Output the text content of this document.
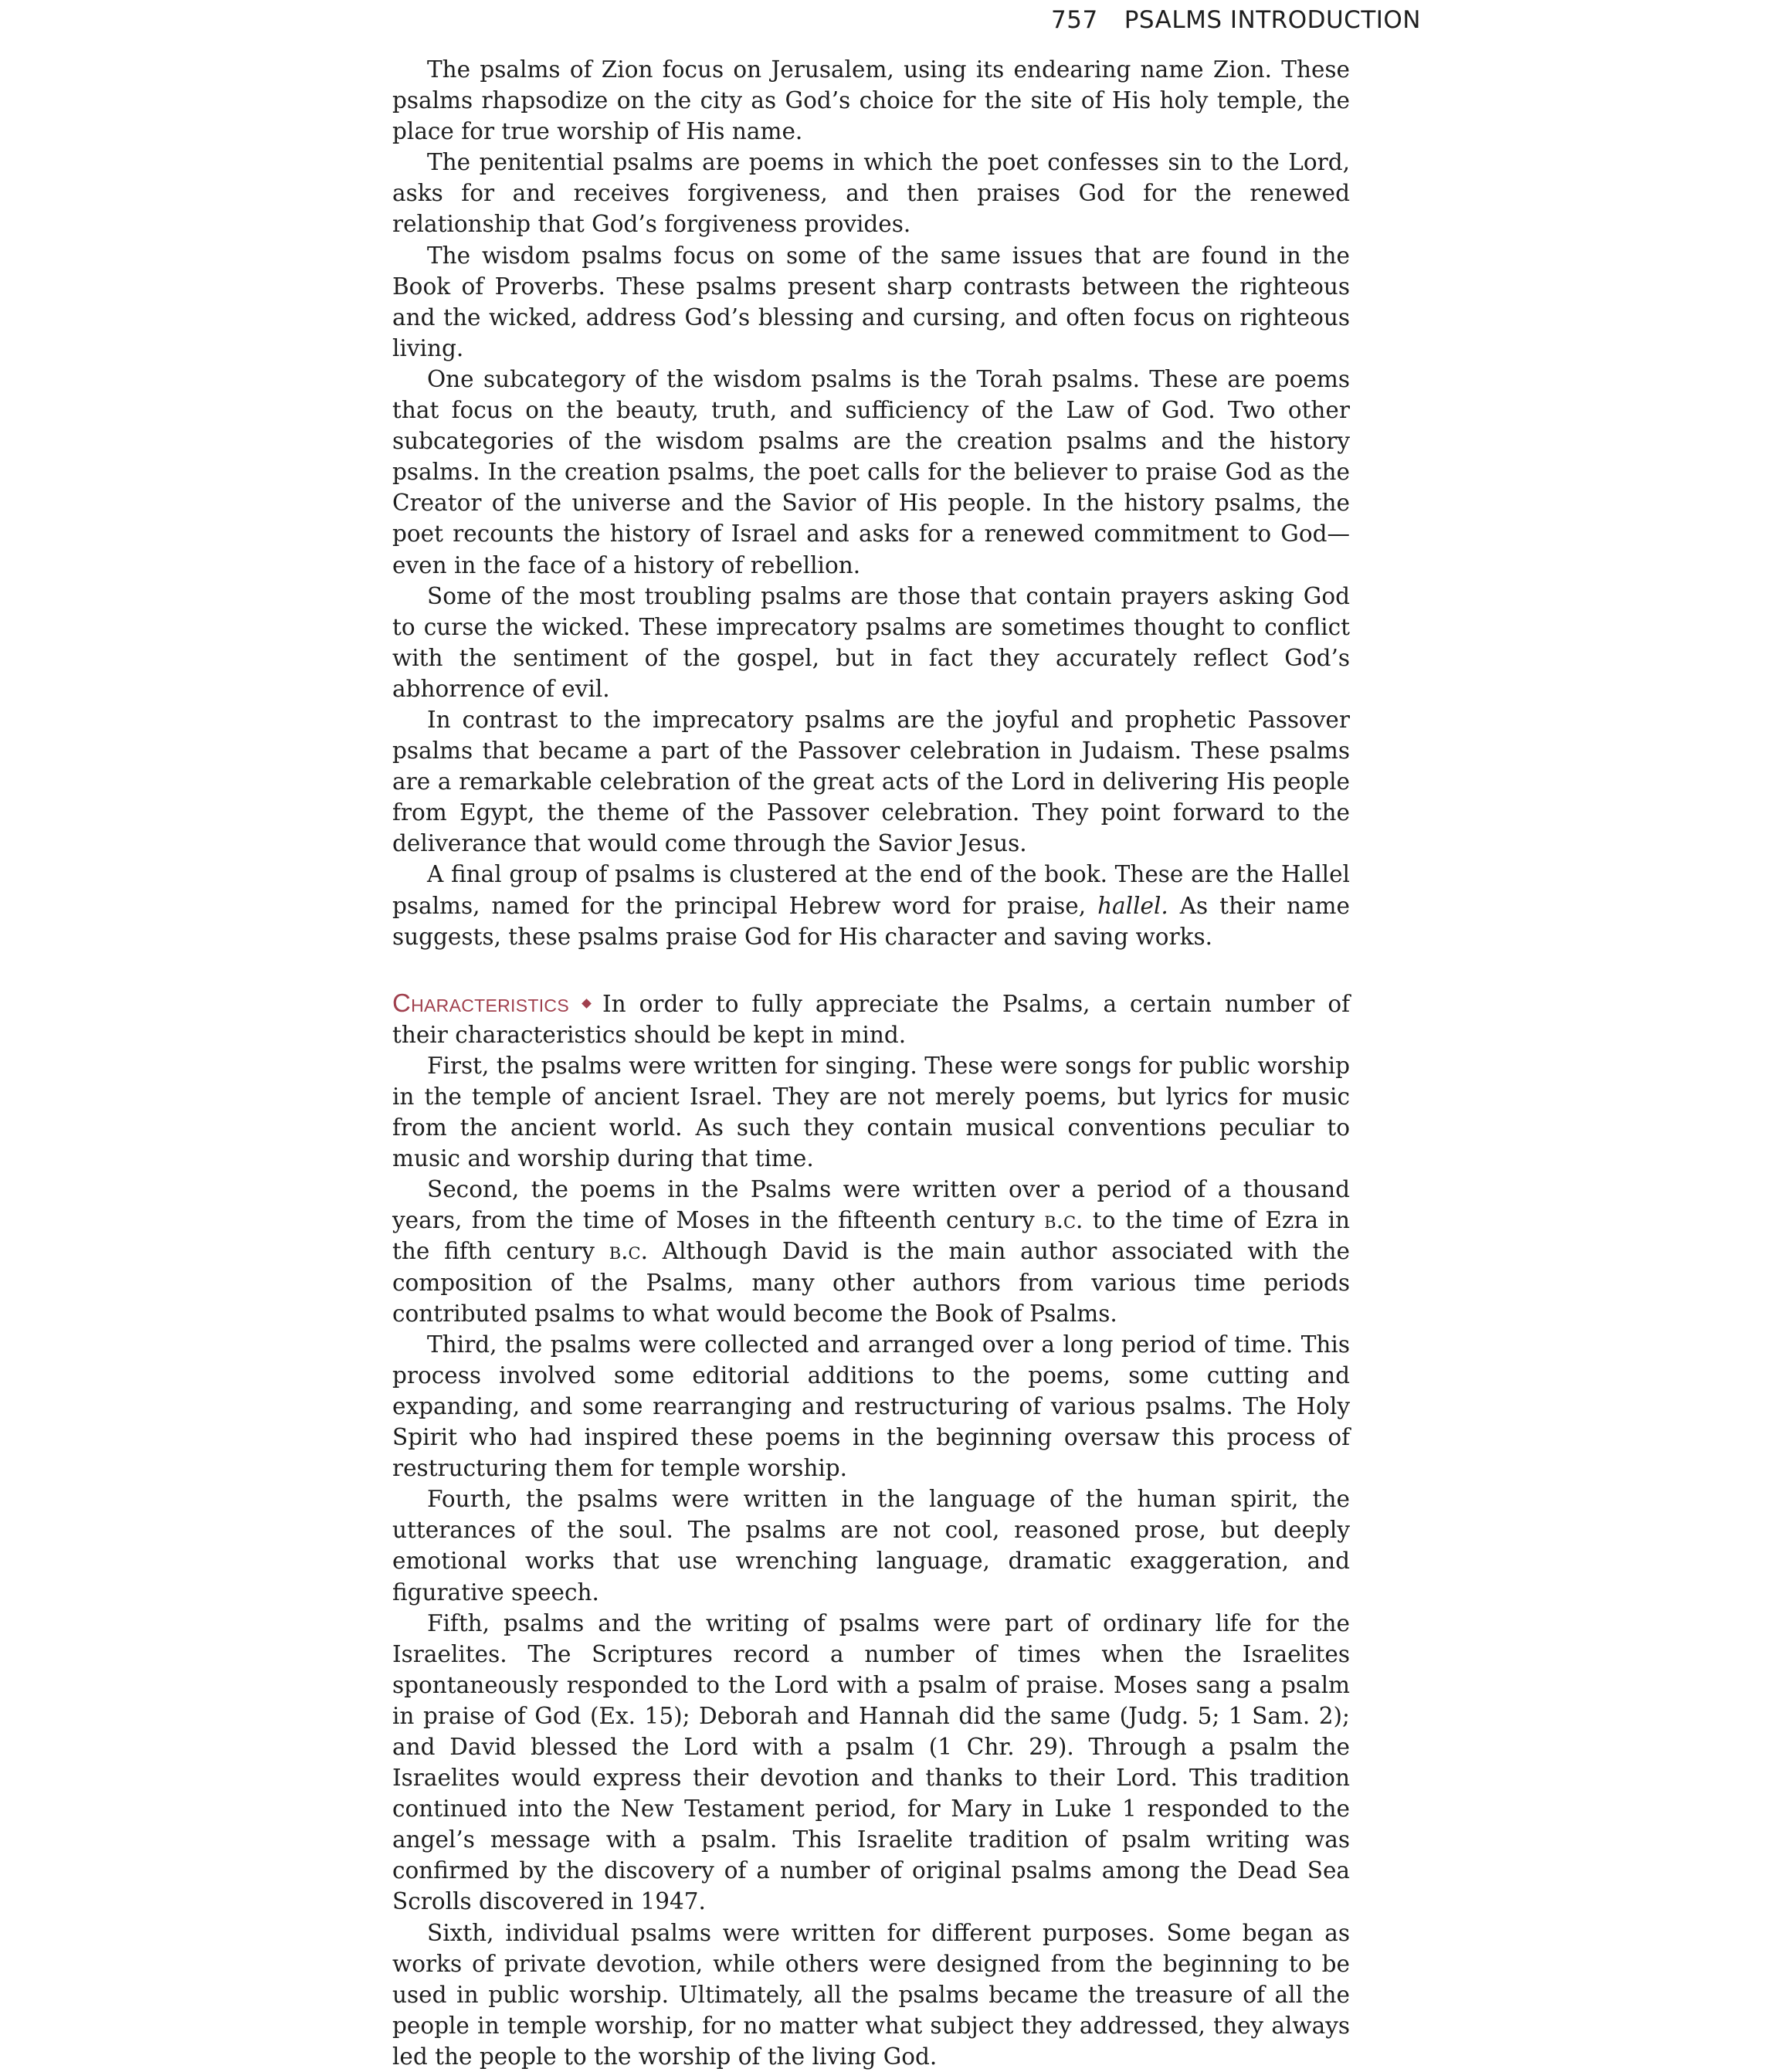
757 PSALMS INTRODUCTION

The psalms of Zion focus on Jerusalem, using its endearing name Zion. These psalms rhapsodize on the city as God’s choice for the site of His holy temple, the place for true worship of His name.

The penitential psalms are poems in which the poet confesses sin to the Lord, asks for and receives forgiveness, and then praises God for the renewed relationship that God’s forgiveness provides.

The wisdom psalms focus on some of the same issues that are found in the Book of Proverbs. These psalms present sharp contrasts between the righteous and the wicked, address God’s blessing and cursing, and often focus on righteous living.

One subcategory of the wisdom psalms is the Torah psalms. These are poems that focus on the beauty, truth, and sufficiency of the Law of God. Two other subcategories of the wisdom psalms are the creation psalms and the history psalms. In the creation psalms, the poet calls for the believer to praise God as the Creator of the universe and the Savior of His people. In the history psalms, the poet recounts the history of Israel and asks for a renewed commitment to God—even in the face of a history of rebellion.

Some of the most troubling psalms are those that contain prayers asking God to curse the wicked. These imprecatory psalms are sometimes thought to conflict with the sentiment of the gospel, but in fact they accurately reflect God’s abhorrence of evil.

In contrast to the imprecatory psalms are the joyful and prophetic Passover psalms that became a part of the Passover celebration in Judaism. These psalms are a remarkable celebration of the great acts of the Lord in delivering His people from Egypt, the theme of the Passover celebration. They point forward to the deliverance that would come through the Savior Jesus.

A final group of psalms is clustered at the end of the book. These are the Hallel psalms, named for the principal Hebrew word for praise, hallel. As their name suggests, these psalms praise God for His character and saving works.

Characteristics In order to fully appreciate the Psalms, a certain number of their characteristics should be kept in mind.

First, the psalms were written for singing. These were songs for public worship in the temple of ancient Israel. They are not merely poems, but lyrics for music from the ancient world. As such they contain musical conventions peculiar to music and worship during that time.

Second, the poems in the Psalms were written over a period of a thousand years, from the time of Moses in the fifteenth century b.c. to the time of Ezra in the fifth century b.c. Although David is the main author associated with the composition of the Psalms, many other authors from various time periods contributed psalms to what would become the Book of Psalms.

Third, the psalms were collected and arranged over a long period of time. This process involved some editorial additions to the poems, some cutting and expanding, and some rearranging and restructuring of various psalms. The Holy Spirit who had inspired these poems in the beginning oversaw this process of restructuring them for temple worship.

Fourth, the psalms were written in the language of the human spirit, the utterances of the soul. The psalms are not cool, reasoned prose, but deeply emotional works that use wrenching language, dramatic exaggeration, and figurative speech.

Fifth, psalms and the writing of psalms were part of ordinary life for the Israelites. The Scriptures record a number of times when the Israelites spontaneously responded to the Lord with a psalm of praise. Moses sang a psalm in praise of God (Ex. 15); Deborah and Hannah did the same (Judg. 5; 1 Sam. 2); and David blessed the Lord with a psalm (1 Chr. 29). Through a psalm the Israelites would express their devotion and thanks to their Lord. This tradition continued into the New Testament period, for Mary in Luke 1 responded to the angel’s message with a psalm. This Israelite tradition of psalm writing was confirmed by the discovery of a number of original psalms among the Dead Sea Scrolls discovered in 1947.

Sixth, individual psalms were written for different purposes. Some began as works of private devotion, while others were designed from the beginning to be used in public worship. Ultimately, all the psalms became the treasure of all the people in temple worship, for no matter what subject they addressed, they always led the people to the worship of the living God.
